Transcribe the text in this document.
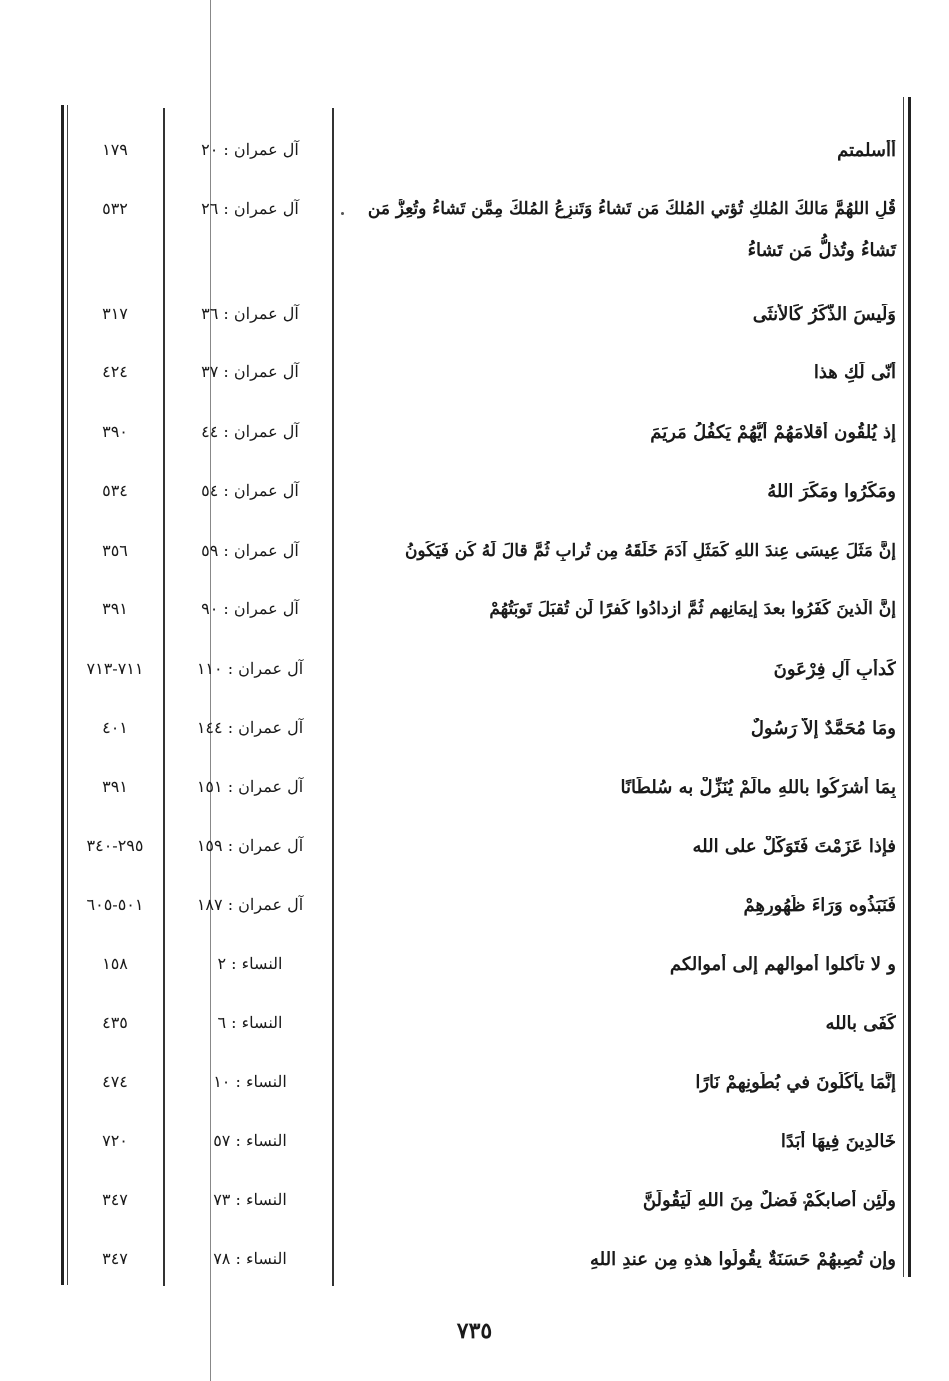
أأسلمتم
آل عمران : ٢٠
١٧٩
قُلِ اللهُمَّ مَالكَ المُلكِ تُؤتي المُلكَ مَن تَشاءُ وَتَنزِعُ المُلكَ مِمَّن تَشاءُ وتُعِزُّ مَن
آل عمران : ٢٦
٥٣٢
تَشاءُ وتُذلُّ مَن تَشاءُ
وَلَيسَ الذَّكَرُ كَالأنثَى
آل عمران : ٣٦
٣١٧
أنّى لَكِ هذا
آل عمران : ٣٧
٤٢٤
إذ يُلقُون أقلامَهُمْ أيُّهُمْ يَكفُلُ مَريَمَ
آل عمران : ٤٤
٣٩٠
ومَكَرُوا ومَكَرَ اللهُ
آل عمران : ٥٤
٥٣٤
إنَّ مَثَلَ عِيسَى عِندَ اللهِ كَمَثَلِ آدَمَ خَلَقَهُ مِن تُرابٍ ثُمَّ قالَ لَهُ كُن فَيَكُونُ
آل عمران : ٥٩
٣٥٦
إنَّ الَّذينَ كَفَرُوا بعدَ إيمَانِهِم ثُمَّ ازدادُوا كُفرًا لَن تُقبَلَ تَوبَتُهُمْ
آل عمران : ٩٠
٣٩١
كَدأبِ آلِ فِرْعَونَ
آل عمران : ١١٠
٧١١-٧١٣
ومَا مُحَمَّدٌ إلاّ رَسُولٌ
آل عمران : ١٤٤
٤٠١
بِمَا أشرَكُوا باللهِ مالَمْ يُنَزِّلْ به سُلطَانًا
آل عمران : ١٥١
٣٩١
فإذا عَزَمْتَ فَتَوَكَّلْ على الله
آل عمران : ١٥٩
٢٩٥-٣٤٠
فَنَبَذُوه وَرَاءَ ظُهُورِهِمْ
آل عمران : ١٨٧
٥٠١-٦٠٥
و لا تأكلوا أموالهم إلى أموالكم
النساء : ٢
١٥٨
كَفَى بالله
النساء : ٦
٤٣٥
إنَّمَا يأكُلُونَ في بُطُونِهِمْ نَارًا
النساء : ١٠
٤٧٤
خَالدِينَ فِيهَا أبَدًا
النساء : ٥٧
٧٢٠
ولَئِن أصابكُمْ فَضلٌ مِنَ اللهِ لَيَقُولَنَّ
النساء : ٧٣
٣٤٧
وإن تُصِبهُمْ حَسَنَةٌ يقُولُوا هذهِ مِن عندِ اللهِ
النساء : ٧٨
٣٤٧
٧٣٥
